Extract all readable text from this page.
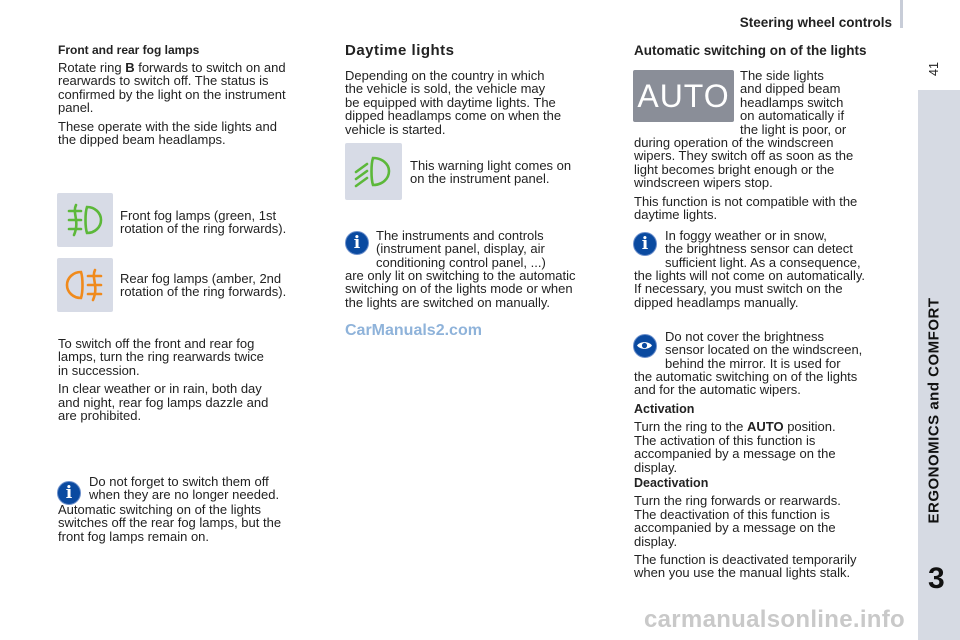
Steering wheel controls
41
ERGONOMICS and COMFORT
3
Front and rear fog lamps

Rotate ring B forwards to switch on and

rearwards to switch off. The status is

confirmed by the light on the instrument

panel.

These operate with the side lights and

the dipped beam headlamps.

Front fog lamps (green, 1st

rotation of the ring forwards).

Rear fog lamps (amber, 2nd

rotation of the ring forwards).

To switch off the front and rear fog

lamps, turn the ring rearwards twice

in succession.

In clear weather or in rain, both day

and night, rear fog lamps dazzle and

are prohibited.

i

Do not forget to switch them off

when they are no longer needed.

Automatic switching on of the lights

switches off the rear fog lamps, but the

front fog lamps remain on.

Daytime lights

Depending on the country in which

the vehicle is sold, the vehicle may

be equipped with daytime lights. The

dipped headlamps come on when the

vehicle is started.

This warning light comes on

on the instrument panel.

i	The instruments and controls

(instrument panel, display, air

conditioning control panel, ...)

are only lit on switching to the automatic

switching on of the lights mode or when

the lights are switched on manually.

CarManuals2.com
Automatic switching on of the lights
AUTO

The side lights

and dipped beam

headlamps switch

on automatically if

the light is poor, or

during operation of the windscreen

wipers. They switch off as soon as the

light becomes bright enough or the

windscreen wipers stop.

This function is not compatible with the

daytime lights.

i	In foggy weather or in snow,

the brightness sensor can detect

sufficient light. As a consequence,

the lights will not come on automatically.

If necessary, you must switch on the

dipped headlamps manually.

Do not cover the brightness

sensor located on the windscreen,

behind the mirror. It is used for

the automatic switching on of the lights

and for the automatic wipers.

Activation

Turn the ring to the AUTO position.

The activation of this function is

accompanied by a message on the

display.

Deactivation

Turn the ring forwards or rearwards.

The deactivation of this function is

accompanied by a message on the

display.

The function is deactivated temporarily

when you use the manual lights stalk.

carmanualsonline.info
